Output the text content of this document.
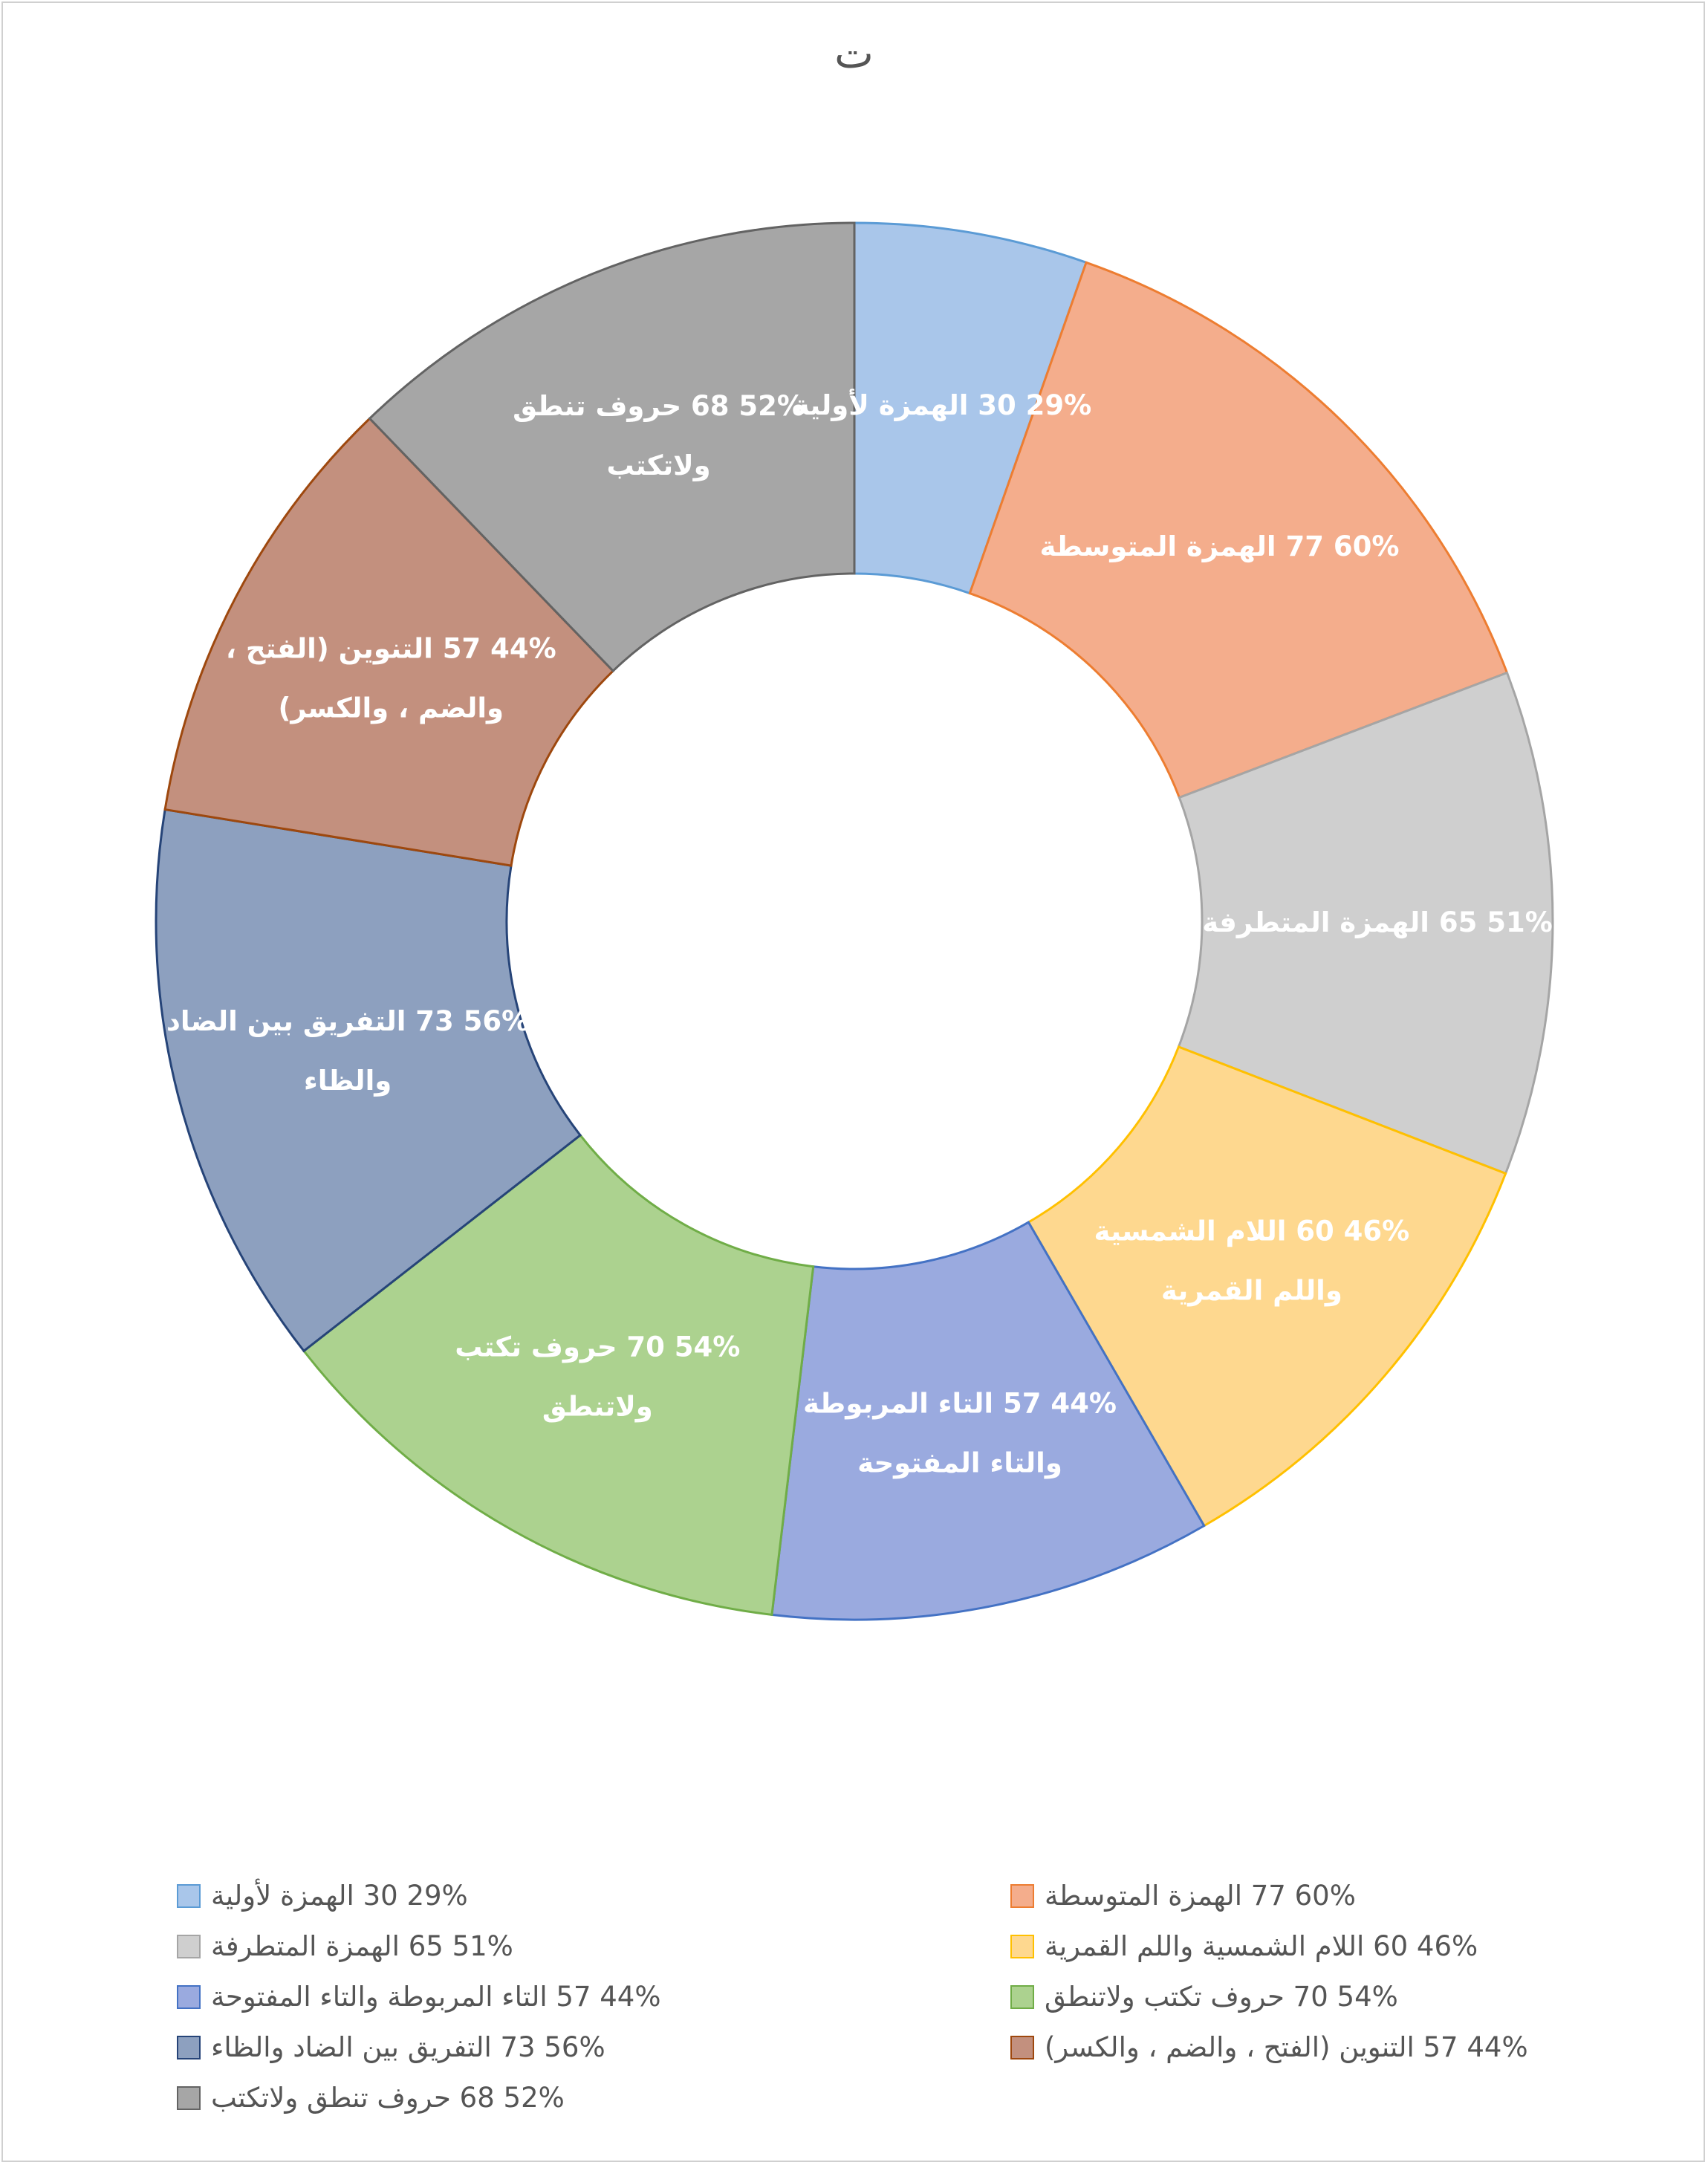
ت
29% 30 الهمزة لأولية
60% 77 الهمزة المتوسطة
51% 65 الهمزة المتطرفة
46% 60 اللام الشمسية واللم القمرية
44% 57 التاء المربوطة والتاء المفتوحة
54% 70 حروف تكتب ولاتنطق
56% 73 التفريق بين الضاد والظاء
44% 57 التنوين (الفتح ، والضم ، والكسر)
52% 68 حروف تنطق ولاتكتب
29% 30 الهمزة لأولية	60% 77 الهمزة المتوسطة
51% 65 الهمزة المتطرفة	46% 60 اللام الشمسية واللم القمرية
44% 57 التاء المربوطة والتاء المفتوحة	54% 70 حروف تكتب ولاتنطق
56% 73 التفريق بين الضاد والظاء	44% 57 التنوين (الفتح ، والضم ، والكسر)
52% 68 حروف تنطق ولاتكتب
